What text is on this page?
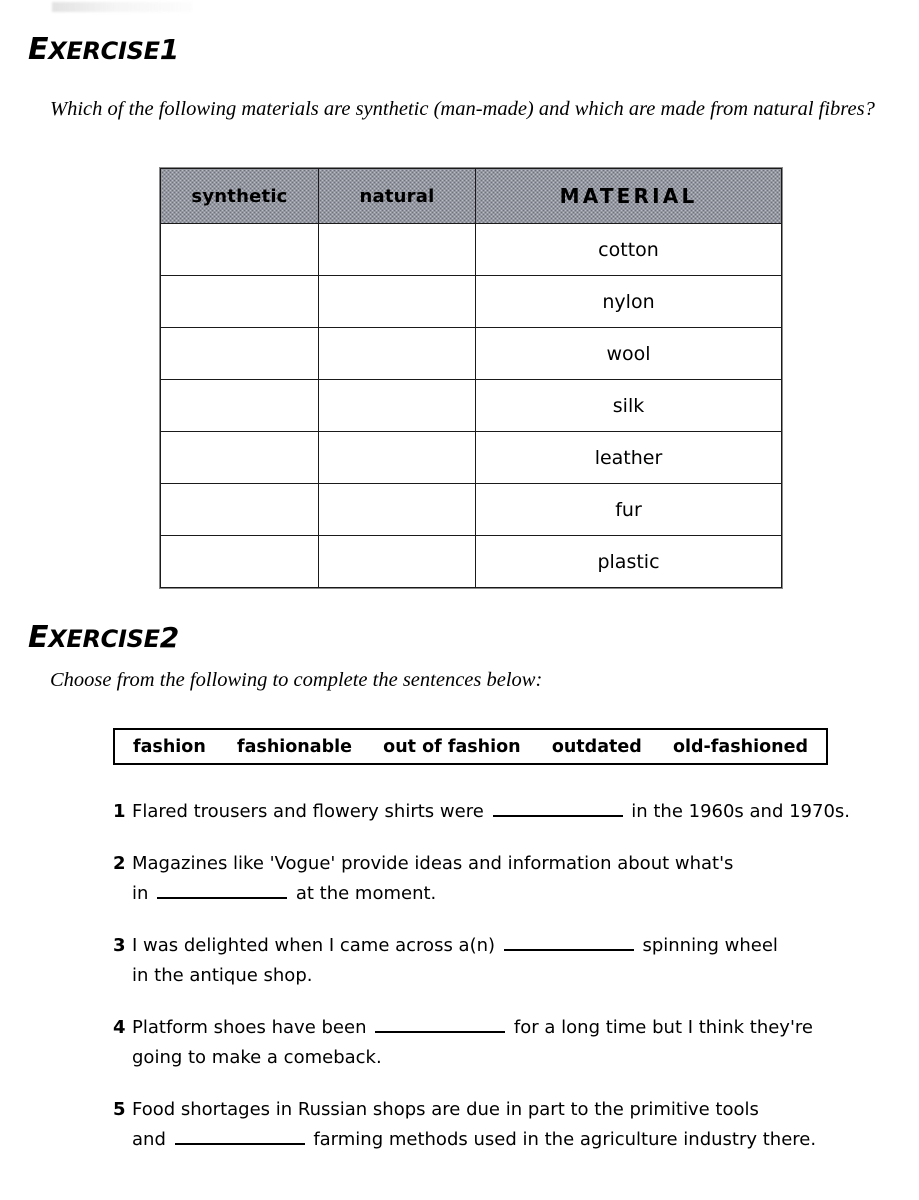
EXERCISE1
Which of the following materials are synthetic (man-made) and which are made from natural fibres?
synthetic	natural	MATERIAL
		cotton
		nylon
		wool
		silk
		leather
		fur
		plastic
EXERCISE2
Choose from the following to complete the sentences below:
fashion fashionable out of fashion outdated old-fashioned
1 Flared trousers and flowery shirts were	in the 1960s and 1970s.
2 Magazines like 'Vogue' provide ideas and information about what's
in	at the moment.
3 I was delighted when I came across a(n)	spinning wheel
in the antique shop.
4 Platform shoes have been	for a long time but I think they're
going to make a comeback.
5 Food shortages in Russian shops are due in part to the primitive tools
and	farming methods used in the agriculture industry there.
